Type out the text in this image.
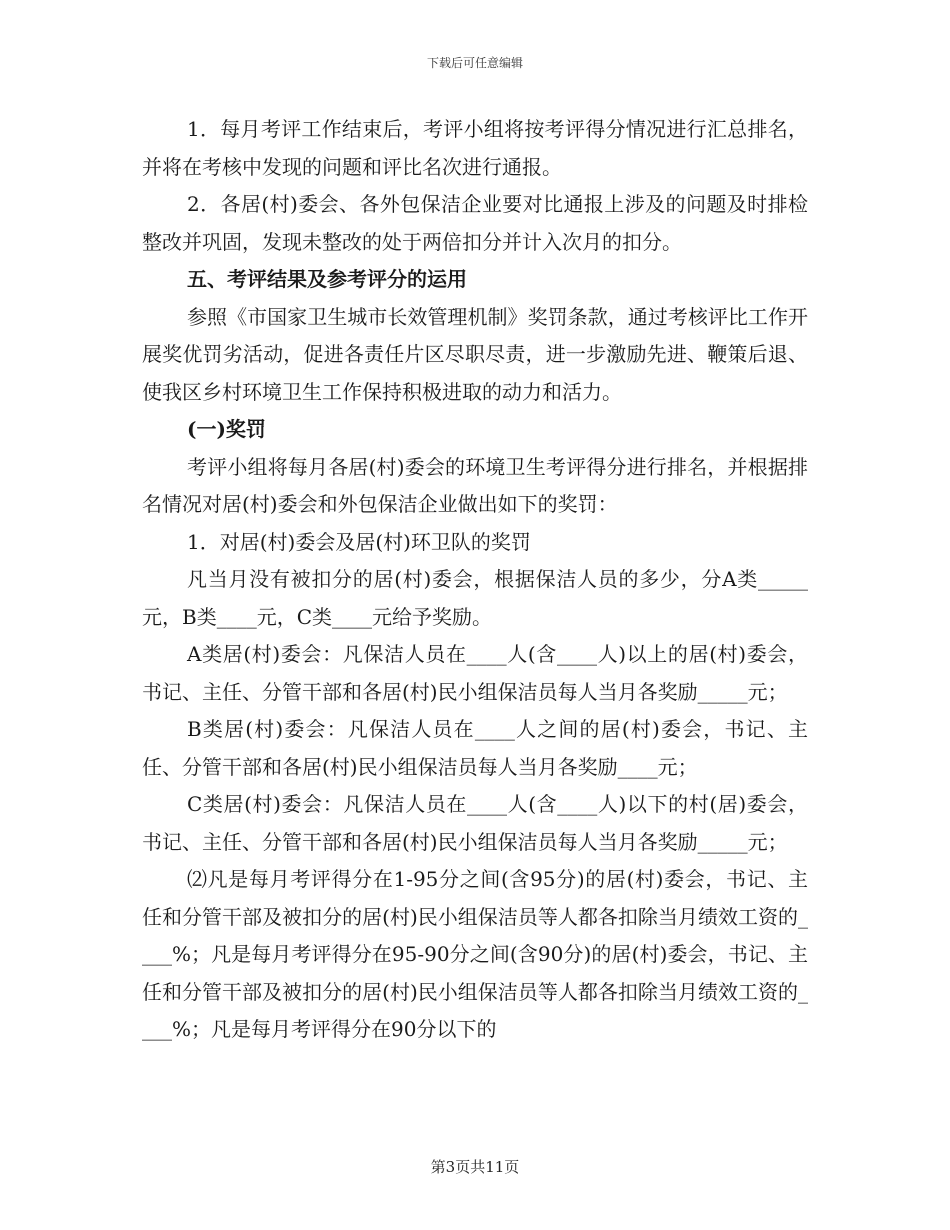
下载后可任意编辑

1．每月考评工作结束后，考评小组将按考评得分情况进行汇总排名，并将在考核中发现的问题和评比名次进行通报。

2．各居(村)委会、各外包保洁企业要对比通报上涉及的问题及时排检整改并巩固，发现未整改的处于两倍扣分并计入次月的扣分。

五、考评结果及参考评分的运用

参照《市国家卫生城市长效管理机制》奖罚条款，通过考核评比工作开展奖优罚劣活动，促进各责任片区尽职尽责，进一步激励先进、鞭策后退、使我区乡村环境卫生工作保持积极进取的动力和活力。

(一)奖罚

考评小组将每月各居(村)委会的环境卫生考评得分进行排名，并根据排名情况对居(村)委会和外包保洁企业做出如下的奖罚：

1．对居(村)委会及居(村)环卫队的奖罚

凡当月没有被扣分的居(村)委会，根据保洁人员的多少，分A类_____元，B类____元，C类____元给予奖励。

A类居(村)委会：凡保洁人员在____人(含____人)以上的居(村)委会，书记、主任、分管干部和各居(村)民小组保洁员每人当月各奖励_____元；

B类居(村)委会：凡保洁人员在____人之间的居(村)委会，书记、主任、分管干部和各居(村)民小组保洁员每人当月各奖励____元；

C类居(村)委会：凡保洁人员在____人(含____人)以下的村(居)委会，书记、主任、分管干部和各居(村)民小组保洁员每人当月各奖励_____元；

⑵凡是每月考评得分在1-95分之间(含95分)的居(村)委会，书记、主任和分管干部及被扣分的居(村)民小组保洁员等人都各扣除当月绩效工资的____%；凡是每月考评得分在95-90分之间(含90分)的居(村)委会，书记、主任和分管干部及被扣分的居(村)民小组保洁员等人都各扣除当月绩效工资的____%；凡是每月考评得分在90分以下的

第3页共11页
